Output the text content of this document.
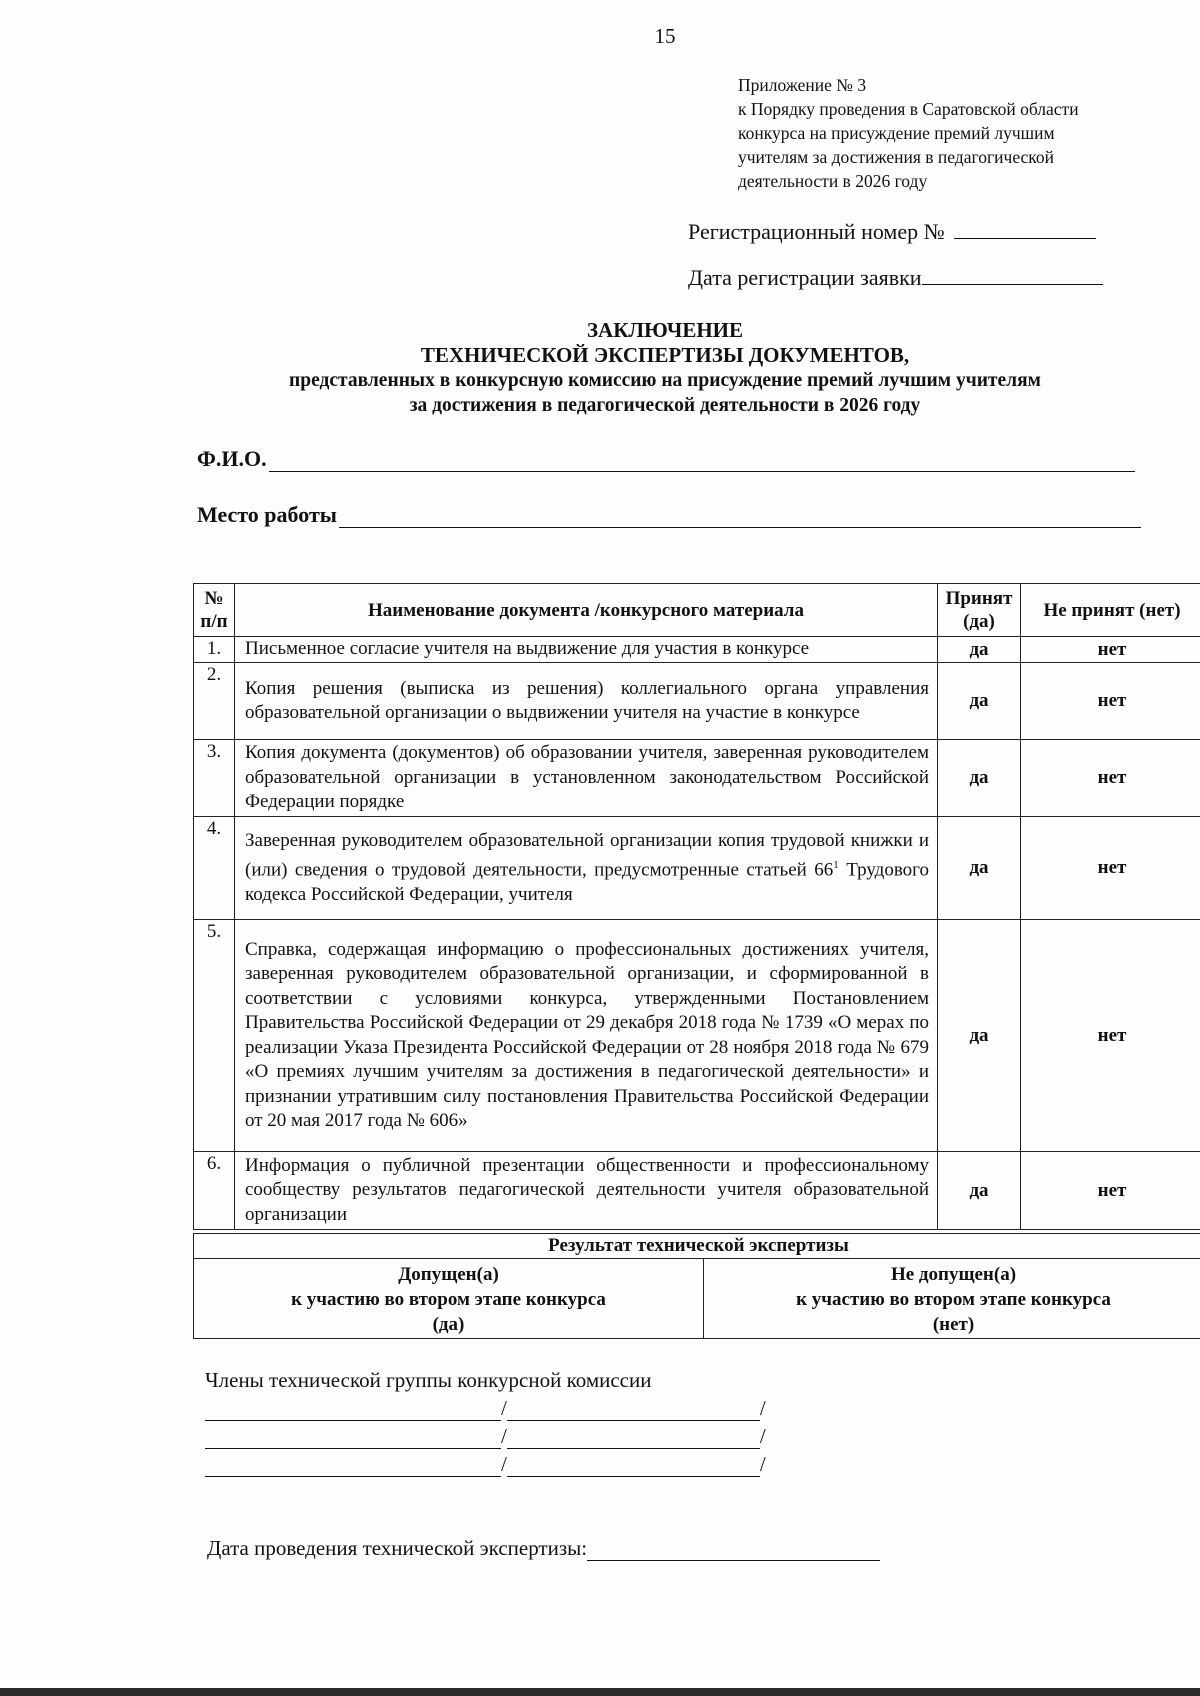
15
Приложение № 3
к Порядку проведения в Саратовской области
конкурса на присуждение премий лучшим
учителям за достижения в педагогической
деятельности в 2026 году
Регистрационный номер №
Дата регистрации заявки
ЗАКЛЮЧЕНИЕ
ТЕХНИЧЕСКОЙ ЭКСПЕРТИЗЫ ДОКУМЕНТОВ,
представленных в конкурсную комиссию на присуждение премий лучшим учителям
за достижения в педагогической деятельности в 2026 году
Ф.И.О.
Место работы
№ п/п	Наименование документа /конкурсного материала	Принят (да)	Не принят (нет)
1.	Письменное согласие учителя на выдвижение для участия в конкурсе	да	нет
2.	Копия решения (выписка из решения) коллегиального органа управления образовательной организации о выдвижении учителя на участие в конкурсе	да	нет
3.	Копия документа (документов) об образовании учителя, заверенная руководителем образовательной организации в установленном законодательством Российской Федерации порядке	да	нет
4.	Заверенная руководителем образовательной организации копия трудовой книжки и (или) сведения о трудовой деятельности, предусмотренные статьей $66^1$ Трудового кодекса Российской Федерации, учителя	да	нет
5.	Справка, содержащая информацию о профессиональных достижениях учителя, заверенная руководителем образовательной организации, и сформированной в соответствии с условиями конкурса, утвержденными Постановлением Правительства Российской Федерации от 29 декабря 2018 года № 1739 «О мерах по реализации Указа Президента Российской Федерации от 28 ноября 2018 года № 679 «О премиях лучшим учителям за достижения в педагогической деятельности» и признании утратившим силу постановления Правительства Российской Федерации от 20 мая 2017 года № 606»	да	нет
6.	Информация о публичной презентации общественности и профессиональному сообществу результатов педагогической деятельности учителя образовательной организации	да	нет
Результат технической экспертизы

Допущен(а)
к участию во втором этапе конкурса
(да)

Не допущен(а)
к участию во втором этапе конкурса
(нет)
Члены технической группы конкурсной комиссии
/	/
/	/
/	/
Дата проведения технической экспертизы:
